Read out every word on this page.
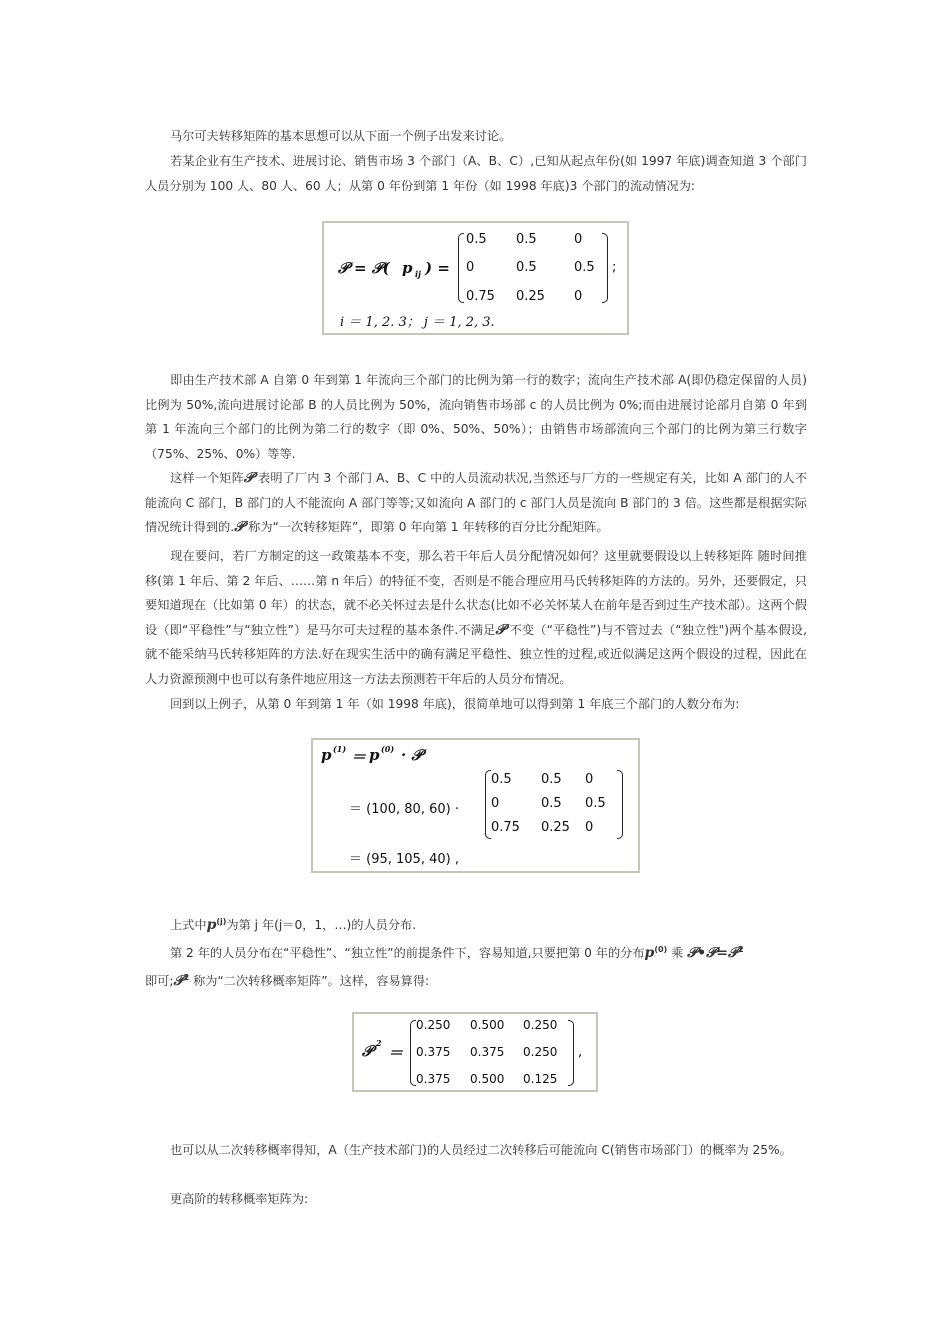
马尔可夫转移矩阵的基本思想可以从下面一个例子出发来讨论。

若某企业有生产技术、进展讨论、销售市场 3 个部门（A、B、C）,已知从起点年份(如 1997 年底)调查知道 3 个部门人员分别为 100 人、80 人、60 人；从第 0 年份到第 1 年份（如 1998 年底)3 个部门的流动情况为:

𝒫 = 𝒫( 𝒑 ij ) =
0.5 0.5	0
0	0.5	0.5
0.75 0.25 0
;
i ＝ 1, 2. 3； j ＝ 1, 2, 3.

即由生产技术部 A 自第 0 年到第 1 年流向三个部门的比例为第一行的数字；流向生产技术部 A(即仍稳定保留的人员)比例为 50%,流向进展讨论部 B 的人员比例为 50%，流向销售市场部 c 的人员比例为 0%;而由进展讨论部月自第 0 年到第 1 年流向三个部门的比例为第二行的数字（即 0%、50%、50%）；由销售市场部流向三个部门的比例为第三行数字（75%、25%、0%）等等.

这样一个矩阵𝒫 表明了厂内 3 个部门 A、B、C 中的人员流动状况,当然还与厂方的一些规定有关，比如 A 部门的人不能流向 C 部门，B 部门的人不能流向 A 部门等等;又如流向 A 部门的 c 部门人员是流向 B 部门的 3 倍。这些都是根据实际情况统计得到的.𝒫 称为“一次转移矩阵”，即第 0 年向第 1 年转移的百分比分配矩阵。

现在要问，若厂方制定的这一政策基本不变，那么若干年后人员分配情况如何？这里就要假设以上转移矩阵 随时间推移(第 1 年后、第 2 年后、……第 n 年后）的特征不变，否则是不能合理应用马氏转移矩阵的方法的。另外，还要假定，只要知道现在（比如第 0 年）的状态，就不必关怀过去是什么状态(比如不必关怀某人在前年是否到过生产技术部）。这两个假设（即“平稳性”与“独立性”）是马尔可夫过程的基本条件.不满足𝒫 不变（“平稳性”)与不管过去（“独立性")两个基本假设,就不能采纳马氏转移矩阵的方法.好在现实生活中的确有满足平稳性、独立性的过程,或近似满足这两个假设的过程，因此在人力资源预测中也可以有条件地应用这一方法去预测若干年后的人员分布情况。

回到以上例子，从第 0 年到第 1 年（如 1998 年底)，很简单地可以得到第 1 年底三个部门的人数分布为:

𝒑 (1) ＝ 𝒑 (0) · 𝒫
＝ (100, 80, 60) ·
0.5 0.5 0
0	0.5 0.5
0.75 0.25 0
＝ (95, 105, 40) ,

上式中𝒑$^{(j)}$为第 j 年(j＝0，1，…)的人员分布.

第 2 年的人员分布在“平稳性”、“独立性”的前提条件下，容易知道,只要把第 0 年的分布𝒑$^{(0)}$ 乘 𝒫•𝒫=𝒫$^2$
即可;𝒫$^2$ 称为“二次转移概率矩阵”。这样，容易算得:

𝒫 2
＝
0.250 0.500 0.250
0.375 0.375 0.250
0.375 0.500 0.125
,

也可以从二次转移概率得知，A（生产技术部门)的人员经过二次转移后可能流向 C(销售市场部门）的概率为 25%。

更高阶的转移概率矩阵为:
